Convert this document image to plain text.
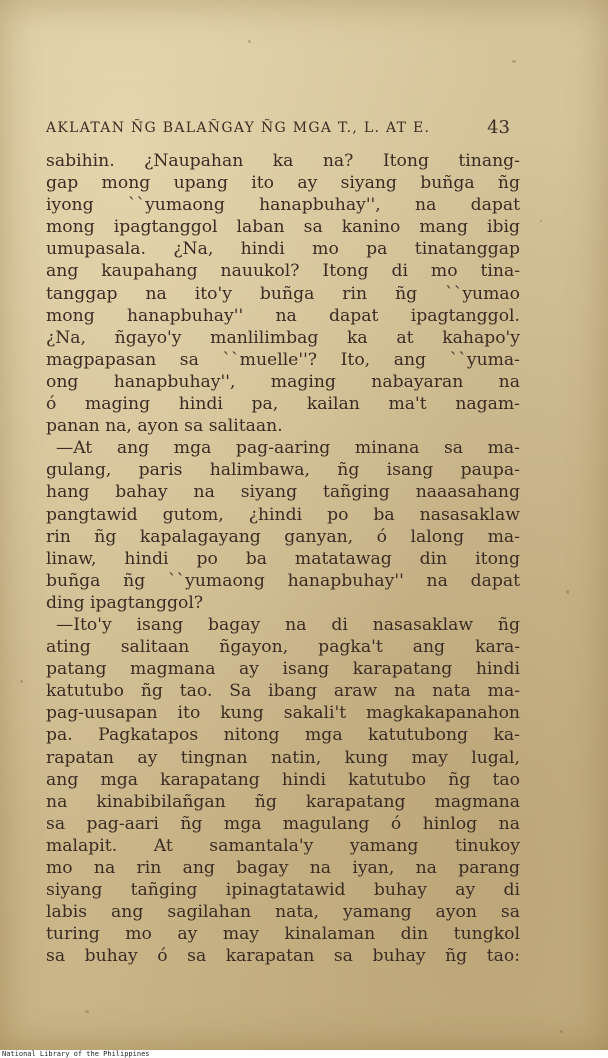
AKLATAN ÑG BALAÑGAY ÑG MGA T., L. AT E.	43
sabihin. ¿Naupahan ka na? Itong tinang-
gap mong upang ito ay siyang buñga ñg
iyong ``yumaong hanapbuhay'', na dapat
mong ipagtanggol laban sa kanino mang ibig
umupasala. ¿Na, hindi mo pa tinatanggap
ang kaupahang nauukol? Itong di mo tina-
tanggap na ito'y buñga rin ñg ``yumao
mong hanapbuhay'' na dapat ipagtanggol.
¿Na, ñgayo'y manlilimbag ka at kahapo'y
magpapasan sa ``muelle''? Ito, ang ``yuma-
ong hanapbuhay'', maging nabayaran na
ó maging hindi pa, kailan ma't nagam-
panan na, ayon sa salitaan.
—At ang mga pag-aaring minana sa ma-
gulang, paris halimbawa, ñg isang paupa-
hang bahay na siyang tañging naaasahang
pangtawid gutom, ¿hindi po ba nasasaklaw
rin ñg kapalagayang ganyan, ó lalong ma-
linaw, hindi po ba matatawag din itong
buñga ñg ``yumaong hanapbuhay'' na dapat
ding ipagtanggol?
—Ito'y isang bagay na di nasasaklaw ñg
ating salitaan ñgayon, pagka't ang kara-
patang magmana ay isang karapatang hindi
katutubo ñg tao. Sa ibang araw na nata ma-
pag-uusapan ito kung sakali't magkakapanahon
pa. Pagkatapos nitong mga katutubong ka-
rapatan ay tingnan natin, kung may lugal,
ang mga karapatang hindi katutubo ñg tao
na kinabibilañgan ñg karapatang magmana
sa pag-aari ñg mga magulang ó hinlog na
malapit. At samantala'y yamang tinukoy
mo na rin ang bagay na iyan, na parang
siyang tañging ipinagtatawid buhay ay di
labis ang sagilahan nata, yamang ayon sa
turing mo ay may kinalaman din tungkol
sa buhay ó sa karapatan sa buhay ñg tao:
National Library of the Philippines
